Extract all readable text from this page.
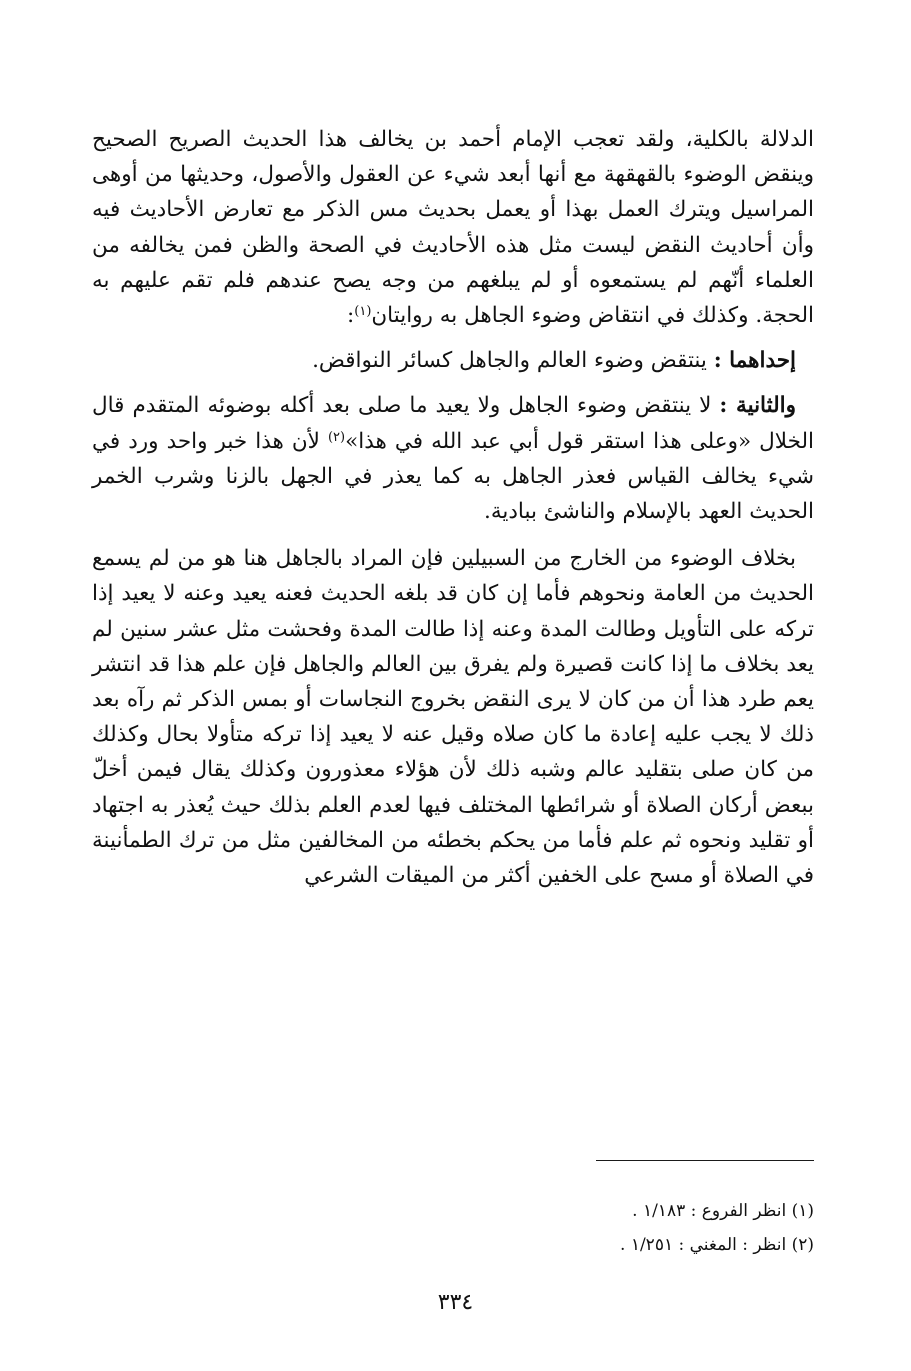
الدلالة بالكلية، ولقد تعجب الإمام أحمد بن يخالف هذا الحديث الصريح الصحيح وينقض الوضوء بالقهقهة مع أنها أبعد شيء عن العقول والأصول، وحديثها من أوهى المراسيل ويترك العمل بهذا أو يعمل بحديث مس الذكر مع تعارض الأحاديث فيه وأن أحاديث النقض ليست مثل هذه الأحاديث في الصحة والظن فمن يخالفه من العلماء أنّهم لم يستمعوه أو لم يبلغهم من وجه يصح عندهم فلم تقم عليهم به الحجة. وكذلك في انتقاض وضوء الجاهل به روايتان$^{(١)}$:

إحداهما : ينتقض وضوء العالم والجاهل كسائر النواقض.

والثانية : لا ينتقض وضوء الجاهل ولا يعيد ما صلى بعد أكله بوضوئه المتقدم قال الخلال «وعلى هذا استقر قول أبي عبد الله في هذا»$^{(٢)}$ لأن هذا خبر واحد ورد في شيء يخالف القياس فعذر الجاهل به كما يعذر في الجهل بالزنا وشرب الخمر الحديث العهد بالإسلام والناشئ ببادية.

بخلاف الوضوء من الخارج من السبيلين فإن المراد بالجاهل هنا هو من لم يسمع الحديث من العامة ونحوهم فأما إن كان قد بلغه الحديث فعنه يعيد وعنه لا يعيد إذا تركه على التأويل وطالت المدة وعنه إذا طالت المدة وفحشت مثل عشر سنين لم يعد بخلاف ما إذا كانت قصيرة ولم يفرق بين العالم والجاهل فإن علم هذا قد انتشر يعم طرد هذا أن من كان لا يرى النقض بخروج النجاسات أو بمس الذكر ثم رآه بعد ذلك لا يجب عليه إعادة ما كان صلاه وقيل عنه لا يعيد إذا تركه متأولا بحال وكذلك من كان صلى بتقليد عالم وشبه ذلك لأن هؤلاء معذورون وكذلك يقال فيمن أخلّ ببعض أركان الصلاة أو شرائطها المختلف فيها لعدم العلم بذلك حيث يُعذر به اجتهاد أو تقليد ونحوه ثم علم فأما من يحكم بخطئه من المخالفين مثل من ترك الطمأنينة في الصلاة أو مسح على الخفين أكثر من الميقات الشرعي

(١) انظر الفروع : ١/١٨٣ .

(٢) انظر : المغني : ١/٢٥١ .

٣٣٤
